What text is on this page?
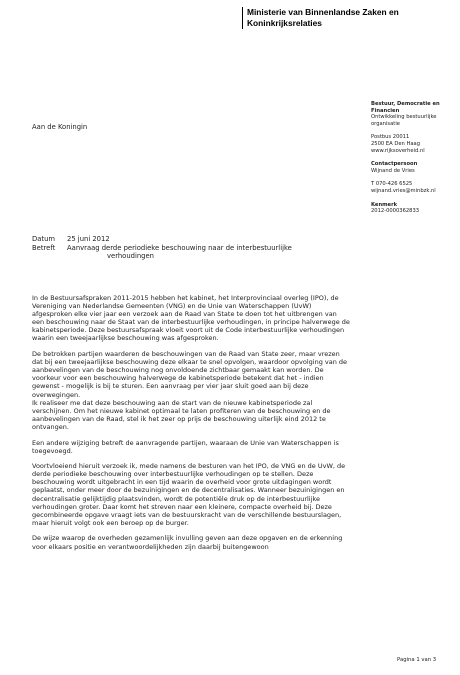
Ministerie van Binnenlandse Zaken en
Koninkrijksrelaties
Aan de Koningin
Bestuur, Democratie en
Financien
Ontwikkeling bestuurlijke
organisatie
Postbus 20011
2500 EA Den Haag
www.rijksoverheid.nl
Contactpersoon
Wijnand de Vries
T 070-426 6525
wijnand.vries@minbzk.nl
Kenmerk
2012-0000362833
Datum	25 juni 2012
Betreft	Aanvraag derde periodieke beschouwing naar de interbestuurlijke
verhoudingen

In de Bestuursafspraken 2011-2015 hebben het kabinet, het Interprovinciaal overleg (IPO), de Vereniging van Nederlandse Gemeenten (VNG) en de Unie van Waterschappen (UvW) afgesproken elke vier jaar een verzoek aan de Raad van State te doen tot het uitbrengen van een beschouwing naar de Staat van de interbestuurlijke verhoudingen, in principe halverwege de kabinetsperiode. Deze bestuursafspraak vloeit voort uit de Code interbestuurlijke verhoudingen waarin een tweejaarlijkse beschouwing was afgesproken.

De betrokken partijen waarderen de beschouwingen van de Raad van State zeer, maar vrezen dat bij een tweejaarlijkse beschouwing deze elkaar te snel opvolgen, waardoor opvolging van de aanbevelingen van de beschouwing nog onvoldoende zichtbaar gemaakt kan worden. De voorkeur voor een beschouwing halverwege de kabinetsperiode betekent dat het - indien gewenst - mogelijk is bij te sturen. Een aanvraag per vier jaar sluit goed aan bij deze overwegingen.

Ik realiseer me dat deze beschouwing aan de start van de nieuwe kabinetsperiode zal verschijnen. Om het nieuwe kabinet optimaal te laten profiteren van de beschouwing en de aanbevelingen van de Raad, stel ik het zeer op prijs de beschouwing uiterlijk eind 2012 te ontvangen.

Een andere wijziging betreft de aanvragende partijen, waaraan de Unie van Waterschappen is toegevoegd.

Voortvloeiend hieruit verzoek ik, mede namens de besturen van het IPO, de VNG en de UvW, de derde periodieke beschouwing over interbestuurlijke verhoudingen op te stellen. Deze beschouwing wordt uitgebracht in een tijd waarin de overheid voor grote uitdagingen wordt geplaatst, onder meer door de bezuinigingen en de decentralisaties. Wanneer bezuinigingen en decentralisatie gelijktijdig plaatsvinden, wordt de potentiële druk op de interbestuurlijke verhoudingen groter. Daar komt het streven naar een kleinere, compacte overheid bij. Deze gecombineerde opgave vraagt iets van de bestuurskracht van de verschillende bestuurslagen, maar hieruit volgt ook een beroep op de burger.

De wijze waarop de overheden gezamenlijk invulling geven aan deze opgaven en de erkenning voor elkaars positie en verantwoordelijkheden zijn daarbij buitengewoon

Pagina 1 van 3
